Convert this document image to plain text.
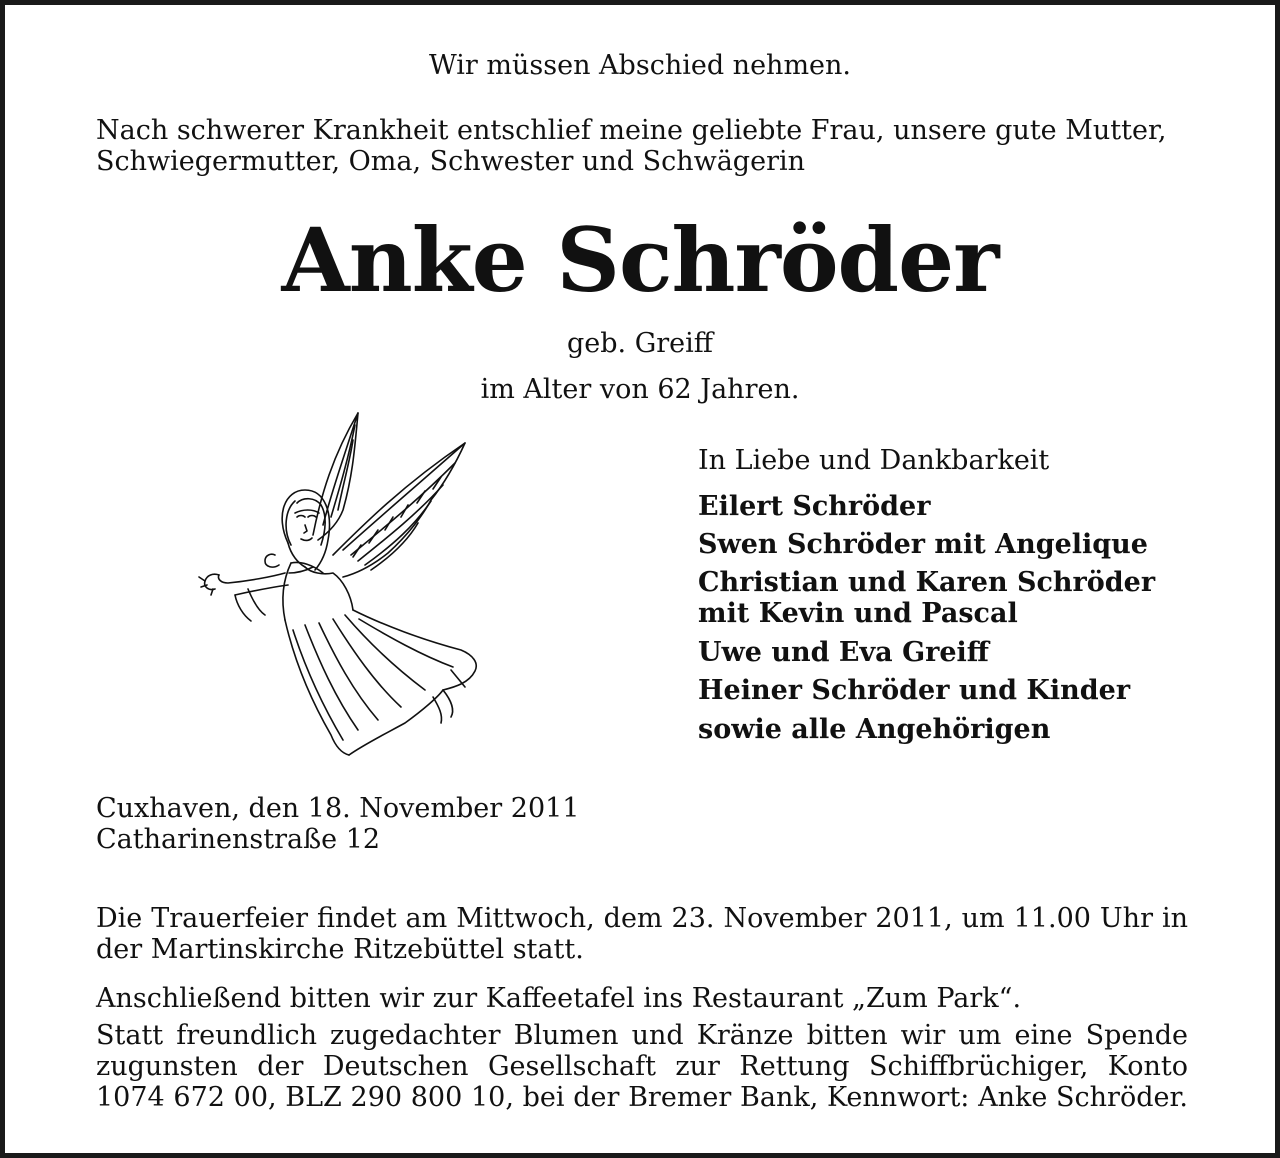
Wir müssen Abschied nehmen.
Nach schwerer Krankheit entschlief meine geliebte Frau, unsere gute Mutter,
Schwiegermutter, Oma, Schwester und Schwägerin
Anke Schröder
geb. Greiff
im Alter von 62 Jahren.
In Liebe und Dankbarkeit
Eilert Schröder
Swen Schröder mit Angelique
Christian und Karen Schröder
mit Kevin und Pascal
Uwe und Eva Greiff
Heiner Schröder und Kinder
sowie alle Angehörigen
Cuxhaven, den 18. November 2011
Catharinenstraße 12
Die Trauerfeier findet am Mittwoch, dem 23. November 2011, um 11.00 Uhr in
der Martinskirche Ritzebüttel statt.
Anschließend bitten wir zur Kaffeetafel ins Restaurant „Zum Park“.
Statt freundlich zugedachter Blumen und Kränze bitten wir um eine Spende
zugunsten der Deutschen Gesellschaft zur Rettung Schiffbrüchiger, Konto
1074 672 00, BLZ 290 800 10, bei der Bremer Bank, Kennwort: Anke Schröder.
